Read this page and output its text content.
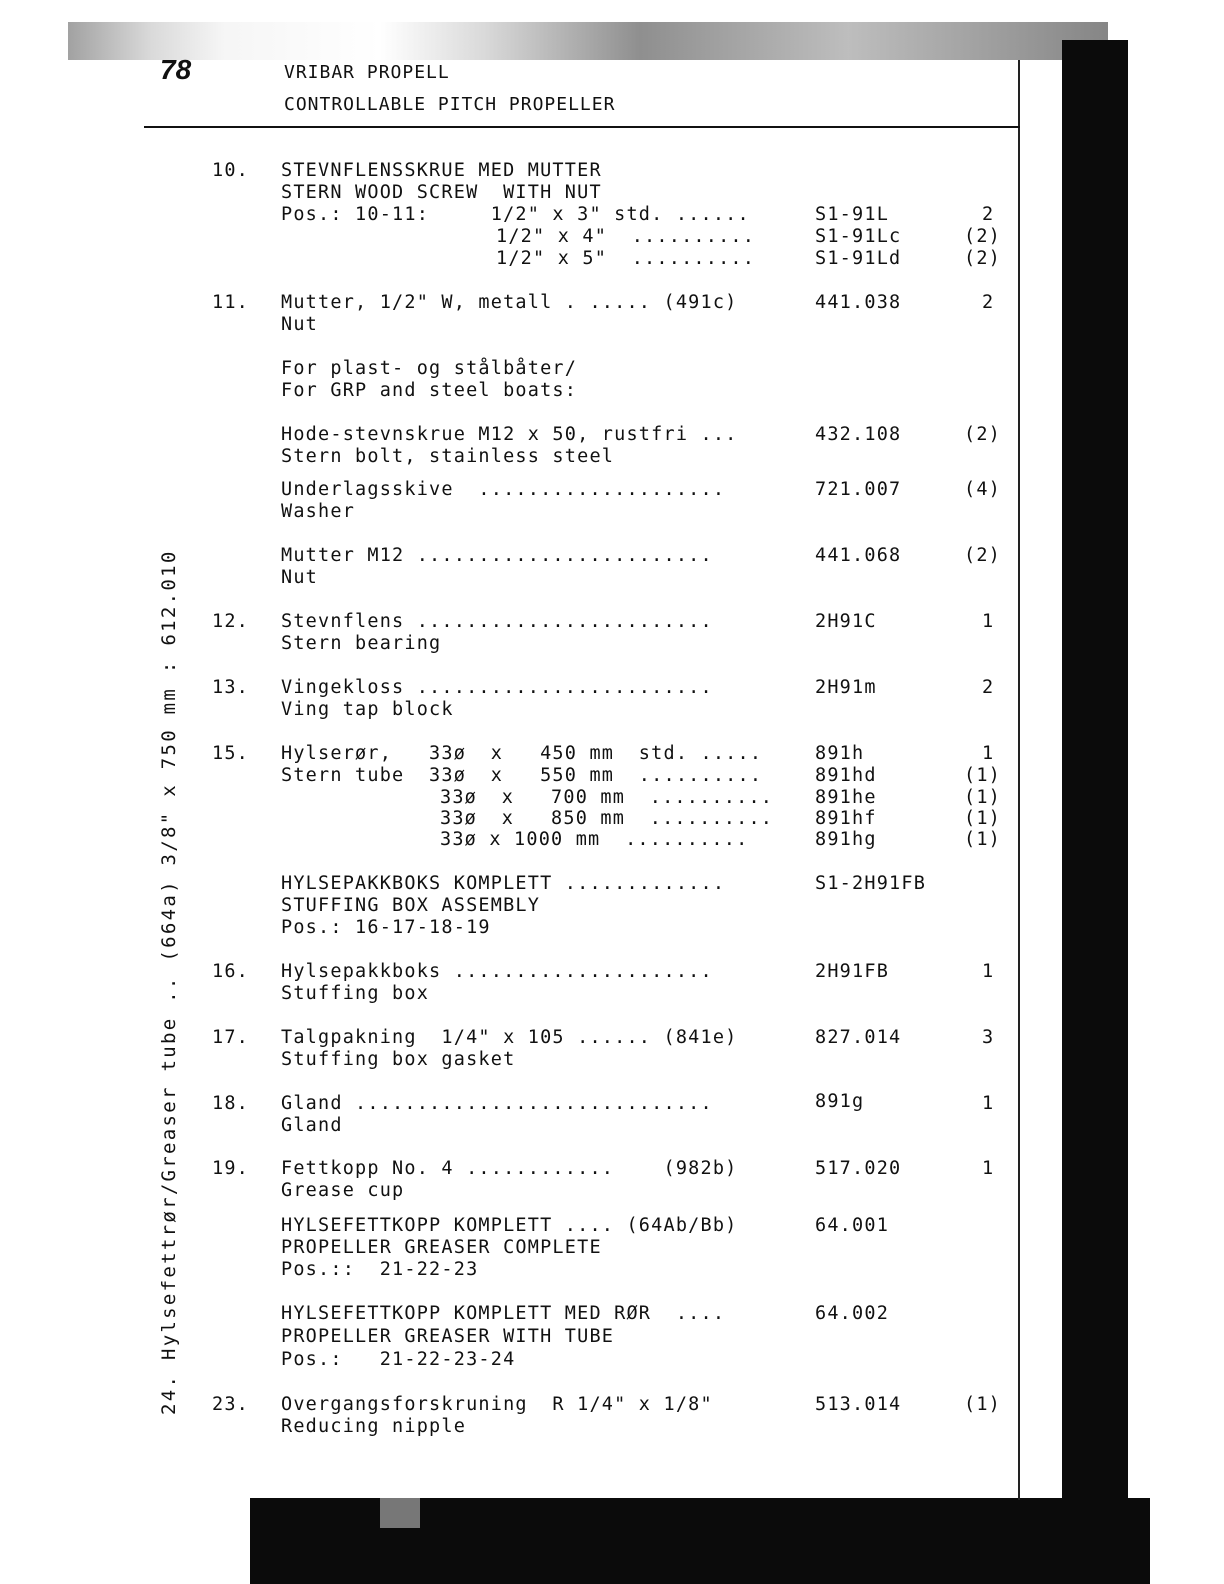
78	VRIBAR PROPELL
CONTROLLABLE PITCH PROPELLER
24. Hylsefettrør/Greaser tube .. (664a) 3/8" x 750 mm : 612.010
10. STEVNFLENSSKRUE MED MUTTER
STERN WOOD SCREW  WITH NUT
Pos.: 10-11:     1/2" x 3" std. ......	S1-91L	2
1/2" x 4"  ..........	S1-91Lc	(2)
1/2" x 5"  ..........	S1-91Ld	(2)
11. Mutter, 1/2" W, metall . ..... (491c)	441.038	2
Nut
For plast- og stålbåter/
For GRP and steel boats:
Hode-stevnskrue M12 x 50, rustfri ...	432.108	(2)
Stern bolt, stainless steel
Underlagsskive  ....................	721.007	(4)
Washer
Mutter M12 ........................	441.068	(2)
Nut
12. Stevnflens ........................	2H91C	1
Stern bearing
13. Vingekloss ........................	2H91m	2
Ving tap block
15. Hylserør,   33ø  x   450 mm  std. .....	891h	1
Stern tube  33ø  x   550 mm  ..........	891hd	(1)
33ø  x   700 mm  .......... 891he	(1)
33ø  x   850 mm  .......... 891hf	(1)
33ø x 1000 mm  ..........	891hg	(1)
HYLSEPAKKBOKS KOMPLETT .............	S1-2H91FB
STUFFING BOX ASSEMBLY
Pos.: 16-17-18-19
16. Hylsepakkboks .....................	2H91FB	1
Stuffing box
17. Talgpakning  1/4" x 105 ...... (841e)	827.014	3
Stuffing box gasket
18. Gland .............................	891g	1
Gland
19. Fettkopp No. 4 ............    (982b)	517.020	1
Grease cup
HYLSEFETTKOPP KOMPLETT .... (64Ab/Bb)	64.001
PROPELLER GREASER COMPLETE
Pos.::  21-22-23
HYLSEFETTKOPP KOMPLETT MED RØR  ....	64.002
PROPELLER GREASER WITH TUBE
Pos.:   21-22-23-24
23. Overgangsforskruning  R 1/4" x 1/8"	513.014	(1)
Reducing nipple
